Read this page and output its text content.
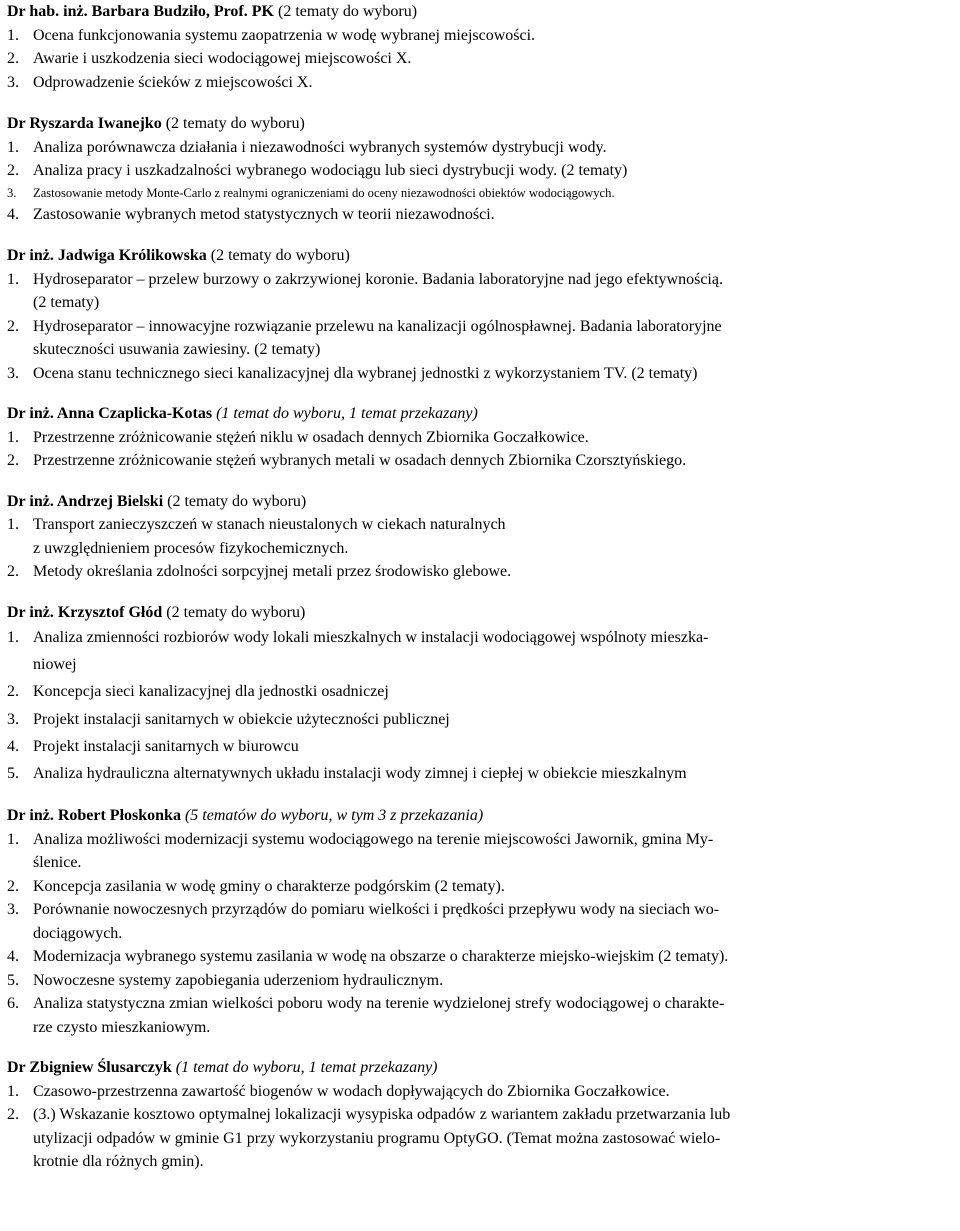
Dr hab. inż. Barbara Budziło, Prof. PK (2 tematy do wyboru)
1. Ocena funkcjonowania systemu zaopatrzenia w wodę wybranej miejscowości.
2. Awarie i uszkodzenia sieci wodociągowej miejscowości X.
3. Odprowadzenie ścieków z miejscowości X.
Dr Ryszarda Iwanejko (2 tematy do wyboru)
1. Analiza porównawcza działania i niezawodności wybranych systemów dystrybucji wody.
2. Analiza pracy i uszkadzalności wybranego wodociągu lub sieci dystrybucji wody. (2 tematy)
3.	Zastosowanie metody Monte-Carlo z realnymi ograniczeniami do oceny niezawodności obiektów wodociągowych.
4. Zastosowanie wybranych metod statystycznych w teorii niezawodności.
Dr inż. Jadwiga Królikowska (2 tematy do wyboru)
1. Hydroseparator – przelew burzowy o zakrzywionej koronie. Badania laboratoryjne nad jego efektywnością.
(2 tematy)
2. Hydroseparator – innowacyjne rozwiązanie przelewu na kanalizacji ogólnospławnej. Badania laboratoryjne
skuteczności usuwania zawiesiny. (2 tematy)
3. Ocena stanu technicznego sieci kanalizacyjnej dla wybranej jednostki z wykorzystaniem TV. (2 tematy)
Dr inż. Anna Czaplicka-Kotas (1 temat do wyboru, 1 temat przekazany)
1. Przestrzenne zróżnicowanie stężeń niklu w osadach dennych Zbiornika Goczałkowice.
2. Przestrzenne zróżnicowanie stężeń wybranych metali w osadach dennych Zbiornika Czorsztyńskiego.
Dr inż. Andrzej Bielski (2 tematy do wyboru)
1. Transport zanieczyszczeń w stanach nieustalonych w ciekach naturalnych
z uwzględnieniem procesów fizykochemicznych.
2. Metody określania zdolności sorpcyjnej metali przez środowisko glebowe.
Dr inż. Krzysztof Głód (2 tematy do wyboru)
1. Analiza zmienności rozbiorów wody lokali mieszkalnych w instalacji wodociągowej wspólnoty mieszka-
niowej
2. Koncepcja sieci kanalizacyjnej dla jednostki osadniczej
3. Projekt instalacji sanitarnych w obiekcie użyteczności publicznej
4. Projekt instalacji sanitarnych w biurowcu
5. Analiza hydrauliczna alternatywnych układu instalacji wody zimnej i ciepłej w obiekcie mieszkalnym
Dr inż. Robert Płoskonka (5 tematów do wyboru, w tym 3 z przekazania)
1. Analiza możliwości modernizacji systemu wodociągowego na terenie miejscowości Jawornik, gmina My-
ślenice.
2. Koncepcja zasilania w wodę gminy o charakterze podgórskim (2 tematy).
3. Porównanie nowoczesnych przyrządów do pomiaru wielkości i prędkości przepływu wody na sieciach wo-
dociągowych.
4. Modernizacja wybranego systemu zasilania w wodę na obszarze o charakterze miejsko-wiejskim (2 tematy).
5. Nowoczesne systemy zapobiegania uderzeniom hydraulicznym.
6. Analiza statystyczna zmian wielkości poboru wody na terenie wydzielonej strefy wodociągowej o charakte-
rze czysto mieszkaniowym.
Dr Zbigniew Ślusarczyk (1 temat do wyboru, 1 temat przekazany)
1. Czasowo-przestrzenna zawartość biogenów w wodach dopływających do Zbiornika Goczałkowice.
2. (3.) Wskazanie kosztowo optymalnej lokalizacji wysypiska odpadów z wariantem zakładu przetwarzania lub
utylizacji odpadów w gminie G1 przy wykorzystaniu programu OptyGO. (Temat można zastosować wielo-
krotnie dla różnych gmin).
